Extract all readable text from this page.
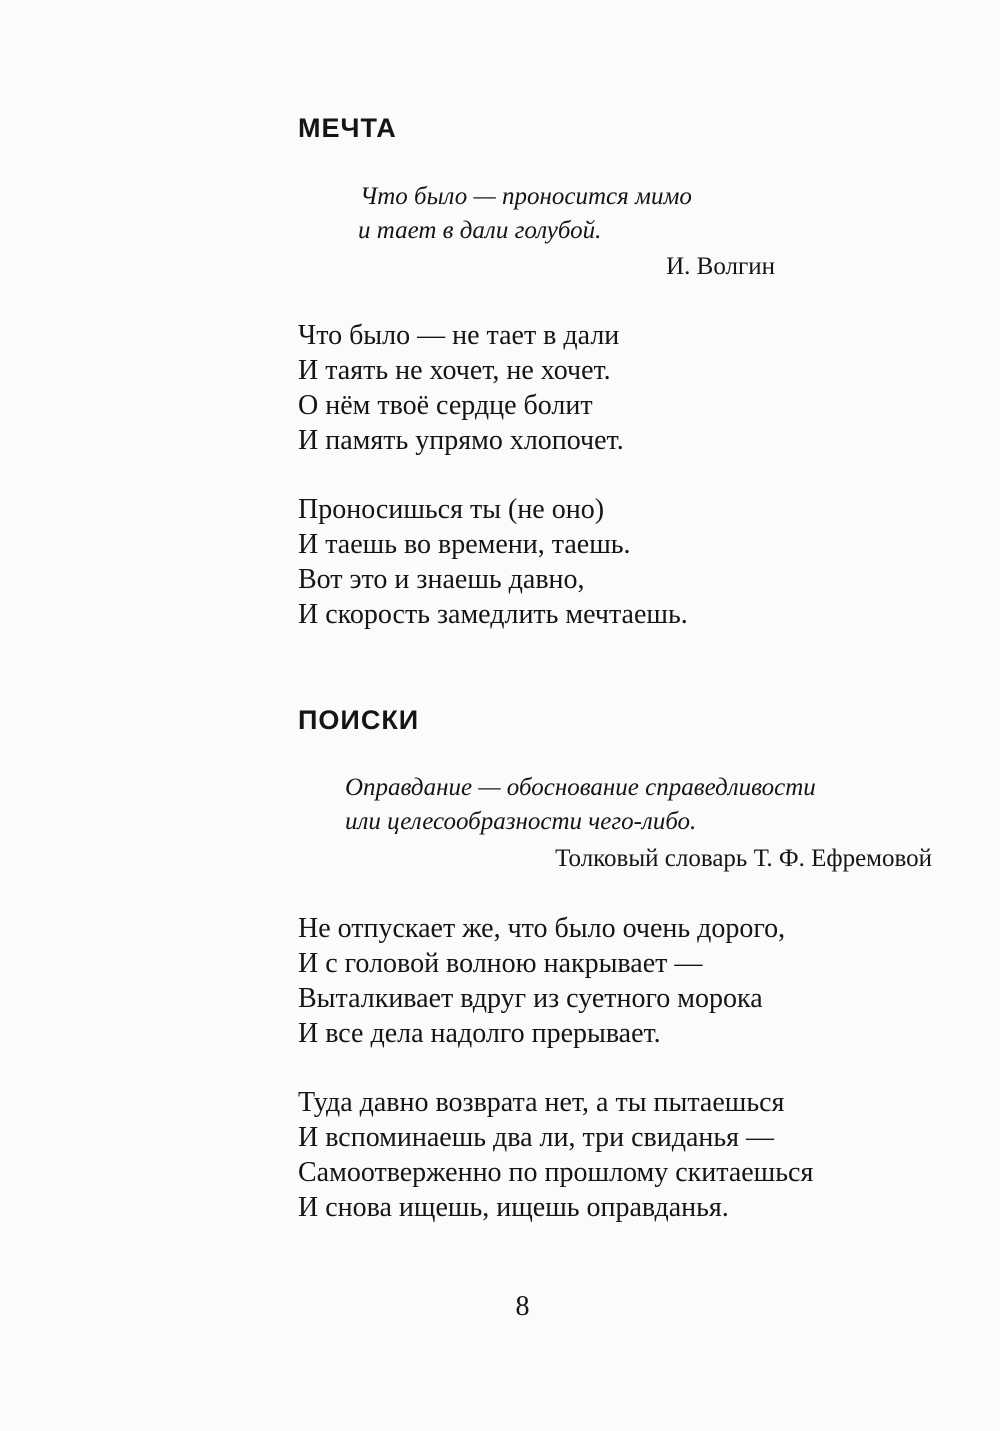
МЕЧТА
Что было — проносится мимо
и тает в дали голубой.
И. Волгин
Что было — не тает в дали
И таять не хочет, не хочет.
О нём твоё сердце болит
И память упрямо хлопочет.
Проносишься ты (не оно)
И таешь во времени, таешь.
Вот это и знаешь давно,
И скорость замедлить мечтаешь.
ПОИСКИ
Оправдание — обоснование справедливости
или целесообразности чего-либо.
Толковый словарь Т. Ф. Ефремовой
Не отпускает же, что было очень дорого,
И с головой волною накрывает —
Выталкивает вдруг из суетного морока
И все дела надолго прерывает.
Туда давно возврата нет, а ты пытаешься
И вспоминаешь два ли, три свиданья —
Самоотверженно по прошлому скитаешься
И снова ищешь, ищешь оправданья.
8
